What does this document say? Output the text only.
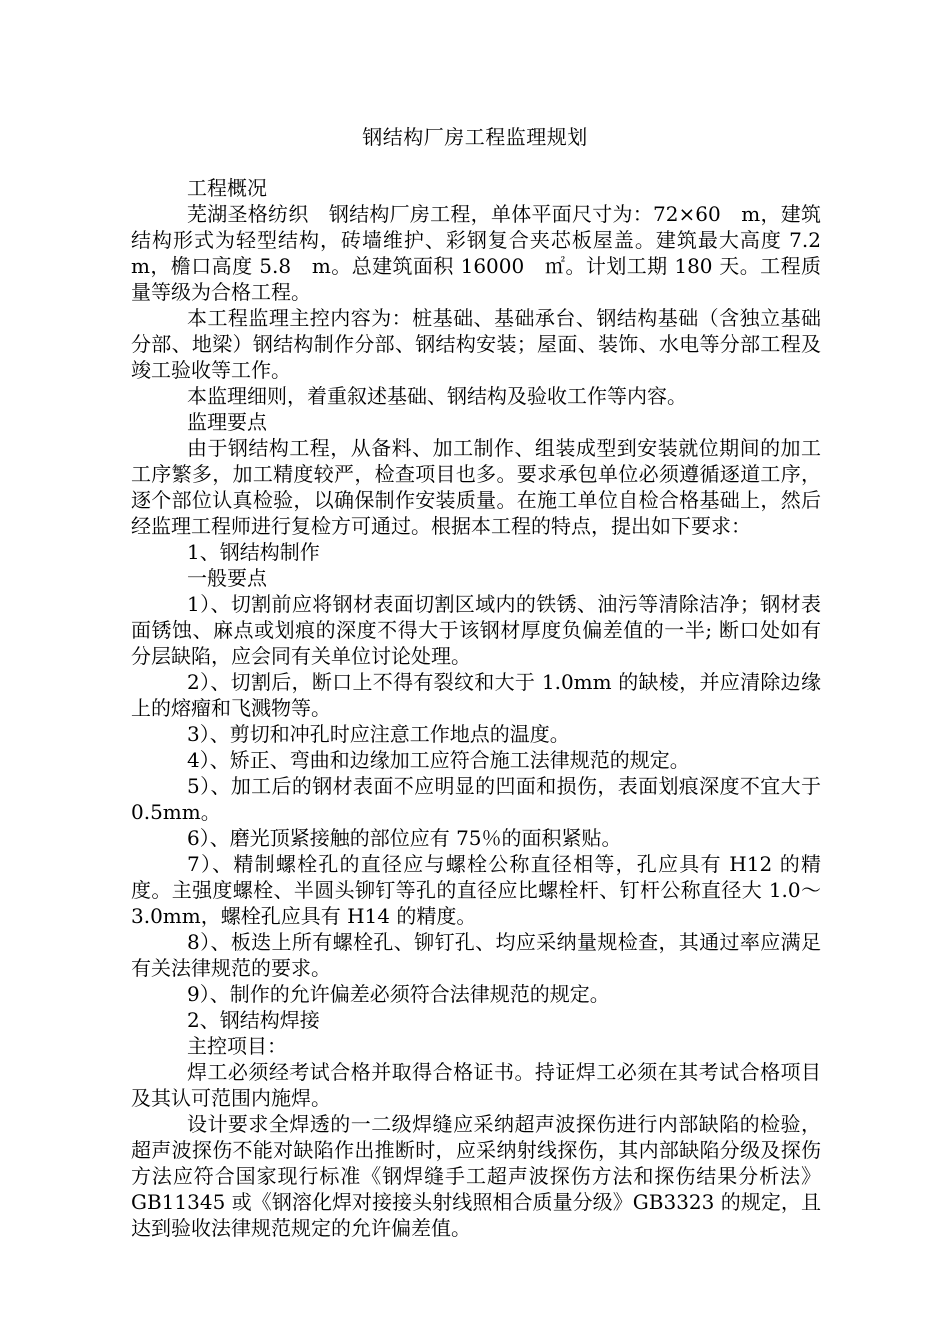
钢结构厂房工程监理规划

工程概况

芜湖圣格纺织　钢结构厂房工程，单体平面尺寸为：72×60　m，建筑结构形式为轻型结构，砖墙维护、彩钢复合夹芯板屋盖。建筑最大高度 7.2　m，檐口高度 5.8　m。总建筑面积 16000　㎡。计划工期 180 天。工程质量等级为合格工程。

本工程监理主控内容为：桩基础、基础承台、钢结构基础（含独立基础分部、地梁）钢结构制作分部、钢结构安装；屋面、装饰、水电等分部工程及竣工验收等工作。

本监理细则，着重叙述基础、钢结构及验收工作等内容。

监理要点

由于钢结构工程，从备料、加工制作、组装成型到安装就位期间的加工工序繁多，加工精度较严，检查项目也多。要求承包单位必须遵循逐道工序，逐个部位认真检验，以确保制作安装质量。在施工单位自检合格基础上，然后经监理工程师进行复检方可通过。根据本工程的特点，提出如下要求：

1、钢结构制作

一般要点

1）、切割前应将钢材表面切割区域内的铁锈、油污等清除洁净；钢材表面锈蚀、麻点或划痕的深度不得大于该钢材厚度负偏差值的一半; 断口处如有分层缺陷，应会同有关单位讨论处理。

2）、切割后，断口上不得有裂纹和大于 1.0mm 的缺棱，并应清除边缘上的熔瘤和飞溅物等。

3）、剪切和冲孔时应注意工作地点的温度。

4）、矫正、弯曲和边缘加工应符合施工法律规范的规定。

5）、加工后的钢材表面不应明显的凹面和损伤，表面划痕深度不宜大于 0.5mm。

6）、磨光顶紧接触的部位应有 75％的面积紧贴。

7）、精制螺栓孔的直径应与螺栓公称直径相等，孔应具有 H12 的精度。主强度螺栓、半圆头铆钉等孔的直径应比螺栓杆、钉杆公称直径大 1.0～3.0mm，螺栓孔应具有 H14 的精度。

8）、板迭上所有螺栓孔、铆钉孔、均应采纳量规检查，其通过率应满足有关法律规范的要求。

9）、制作的允许偏差必须符合法律规范的规定。

2、钢结构焊接

主控项目：

焊工必须经考试合格并取得合格证书。持证焊工必须在其考试合格项目及其认可范围内施焊。

设计要求全焊透的一二级焊缝应采纳超声波探伤进行内部缺陷的检验，超声波探伤不能对缺陷作出推断时，应采纳射线探伤，其内部缺陷分级及探伤方法应符合国家现行标准《钢焊缝手工超声波探伤方法和探伤结果分析法》GB11345 或《钢溶化焊对接接头射线照相合质量分级》GB3323 的规定，且达到验收法律规范规定的允许偏差值。
